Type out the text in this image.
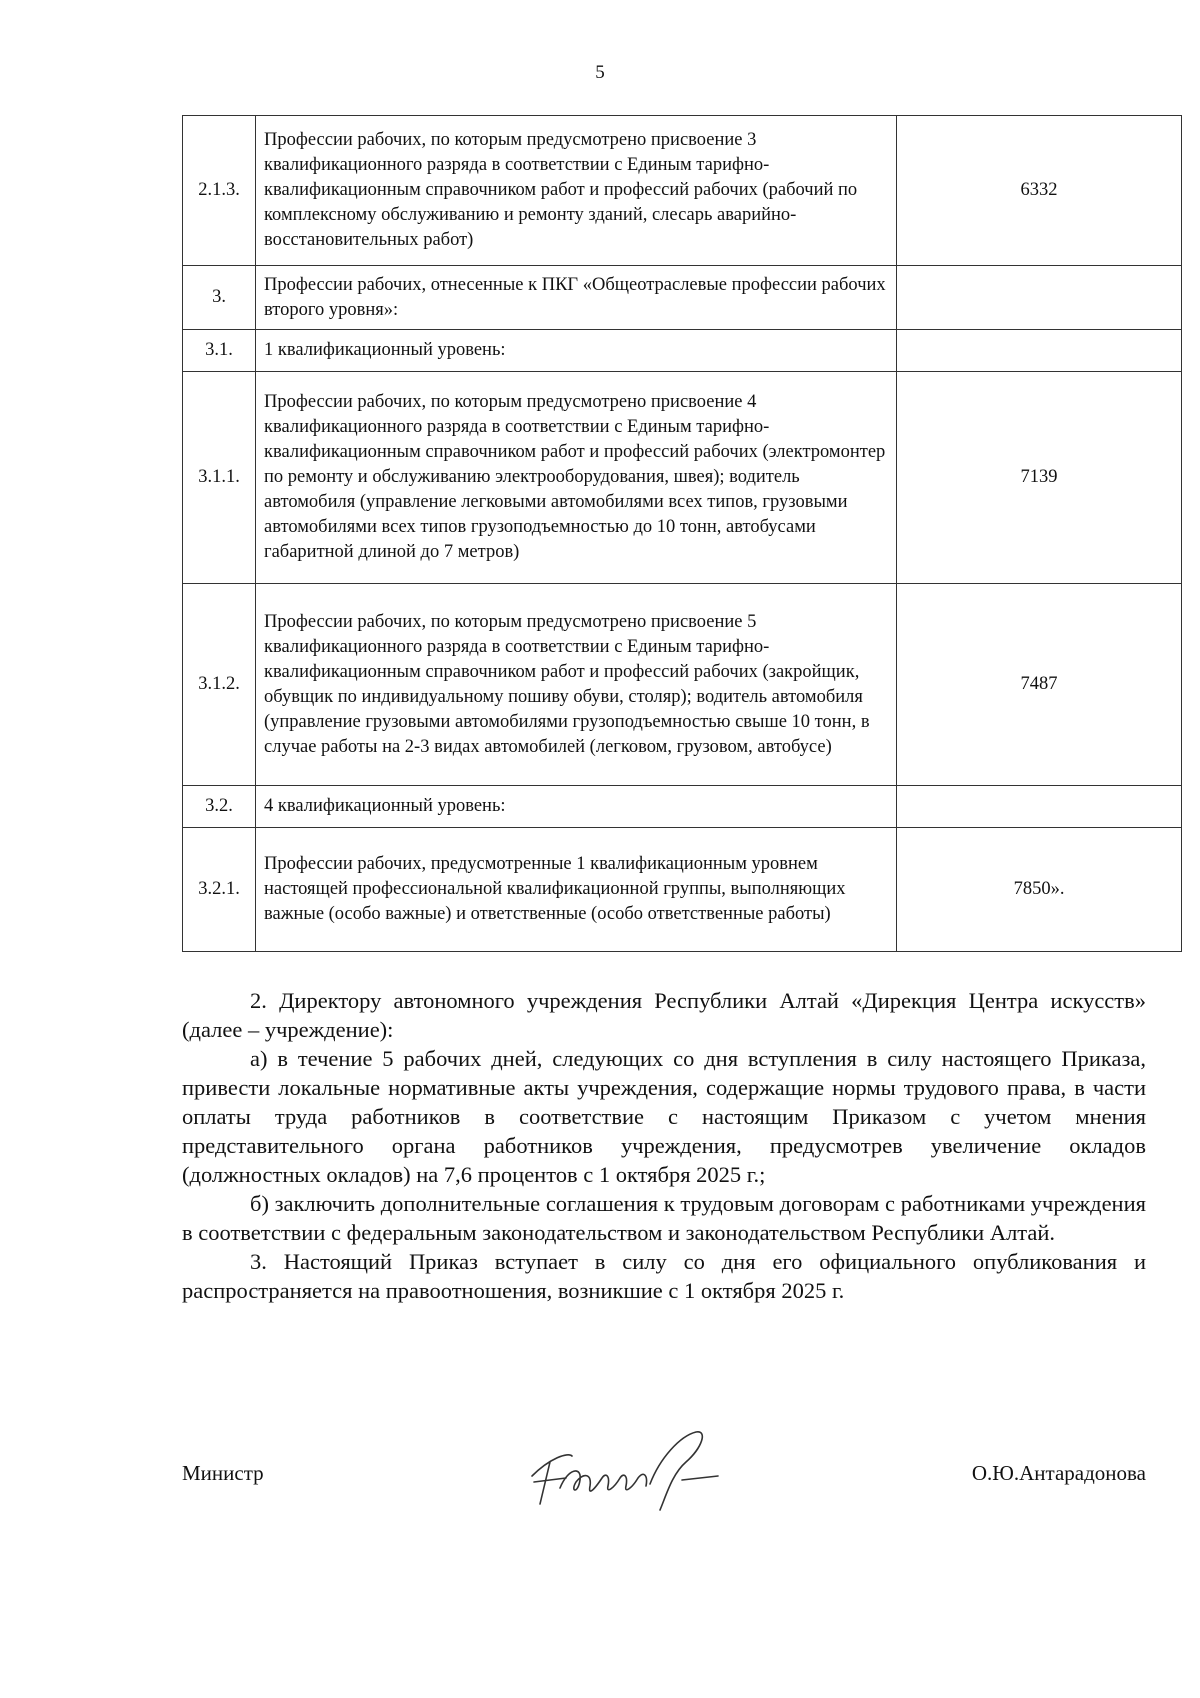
5
2.1.3.	Профессии рабочих, по которым предусмотрено присвоение 3 квалификационного разряда в соответствии с Единым тарифно-квалификационным справочником работ и профессий рабочих (рабочий по комплексному обслуживанию и ремонту зданий, слесарь аварийно-восстановительных работ)	6332
3.	Профессии рабочих, отнесенные к ПКГ «Общеотраслевые профессии рабочих второго уровня»:	
3.1.	1 квалификационный уровень:	
3.1.1.	Профессии рабочих, по которым предусмотрено присвоение 4 квалификационного разряда в соответствии с Единым тарифно-квалификационным справочником работ и профессий рабочих (электромонтер по ремонту и обслуживанию электрооборудования, швея); водитель автомобиля (управление легковыми автомобилями всех типов, грузовыми автомобилями всех типов грузоподъемностью до 10 тонн, автобусами габаритной длиной до 7 метров)	7139
3.1.2.	Профессии рабочих, по которым предусмотрено присвоение 5 квалификационного разряда в соответствии с Единым тарифно-квалификационным справочником работ и профессий рабочих (закройщик, обувщик по индивидуальному пошиву обуви, столяр); водитель автомобиля (управление грузовыми автомобилями грузоподъемностью свыше 10 тонн, в случае работы на 2-3 видах автомобилей (легковом, грузовом, автобусе)	7487
3.2.	4 квалификационный уровень:	
3.2.1.	Профессии рабочих, предусмотренные 1 квалификационным уровнем настоящей профессиональной квалификационной группы, выполняющих важные (особо важные) и ответственные (особо ответственные работы)	7850».

2. Директору автономного учреждения Республики Алтай «Дирекция Центра искусств» (далее – учреждение):

а) в течение 5 рабочих дней, следующих со дня вступления в силу настоящего Приказа, привести локальные нормативные акты учреждения, содержащие нормы трудового права, в части оплаты труда работников в соответствие с настоящим Приказом с учетом мнения представительного органа работников учреждения, предусмотрев увеличение окладов (должностных окладов) на 7,6 процентов с 1 октября 2025 г.;

б) заключить дополнительные соглашения к трудовым договорам с работниками учреждения в соответствии с федеральным законодательством и законодательством Республики Алтай.

3. Настоящий Приказ вступает в силу со дня его официального опубликования и распространяется на правоотношения, возникшие с 1 октября 2025 г.

Министр	О.Ю.Антарадонова
